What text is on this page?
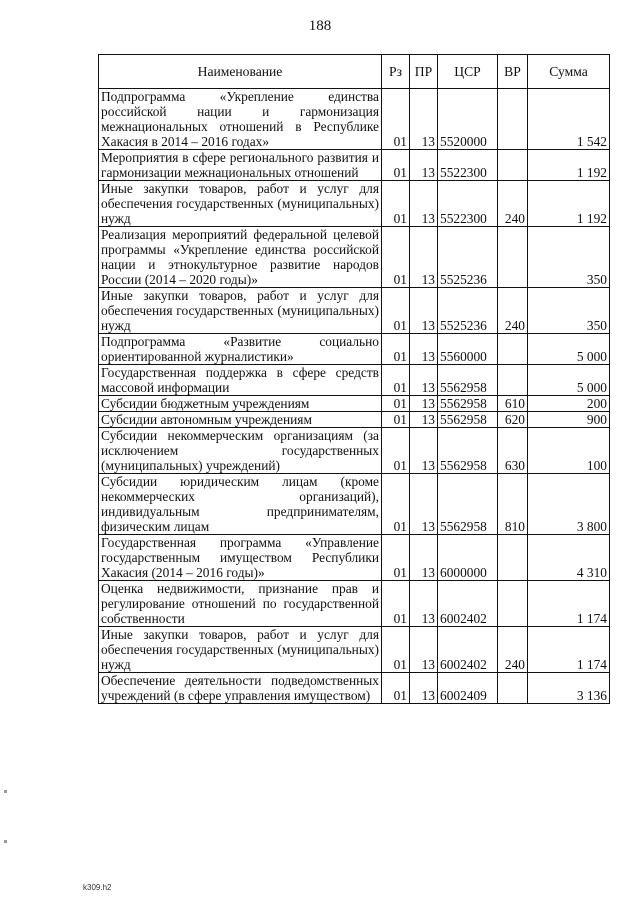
188
Наименование	Рз	ПР	ЦСР	ВР	Сумма
Подпрограмма «Укрепление единства российской нации и гармонизация межнациональных отношений в Республике Хакасия в 2014 – 2016 годах»	01	13	5520000		1 542
Мероприятия в сфере регионального развития и гармонизации межнациональных отношений	01	13	5522300		1 192
Иные закупки товаров, работ и услуг для обеспечения государственных (муниципальных) нужд	01	13	5522300	240	1 192
Реализация мероприятий федеральной целевой программы «Укрепление единства российской нации и этнокультурное развитие народов России (2014 – 2020 годы)»	01	13	5525236		350
Иные закупки товаров, работ и услуг для обеспечения государственных (муниципальных) нужд	01	13	5525236	240	350
Подпрограмма «Развитие социально ориентированной журналистики»	01	13	5560000		5 000
Государственная поддержка в сфере средств массовой информации	01	13	5562958		5 000
Субсидии бюджетным учреждениям	01	13	5562958	610	200
Субсидии автономным учреждениям	01	13	5562958	620	900
Субсидии некоммерческим организациям (за исключением государственных (муниципальных) учреждений)	01	13	5562958	630	100
Субсидии юридическим лицам (кроме некоммерческих организаций), индивидуальным предпринимателям, физическим лицам	01	13	5562958	810	3 800
Государственная программа «Управление государственным имуществом Республики Хакасия (2014 – 2016 годы)»	01	13	6000000		4 310
Оценка недвижимости, признание прав и регулирование отношений по государственной собственности	01	13	6002402		1 174
Иные закупки товаров, работ и услуг для обеспечения государственных (муниципальных) нужд	01	13	6002402	240	1 174
Обеспечение деятельности подведомственных учреждений (в сфере управления имуществом)	01	13	6002409		3 136
k309.h2
